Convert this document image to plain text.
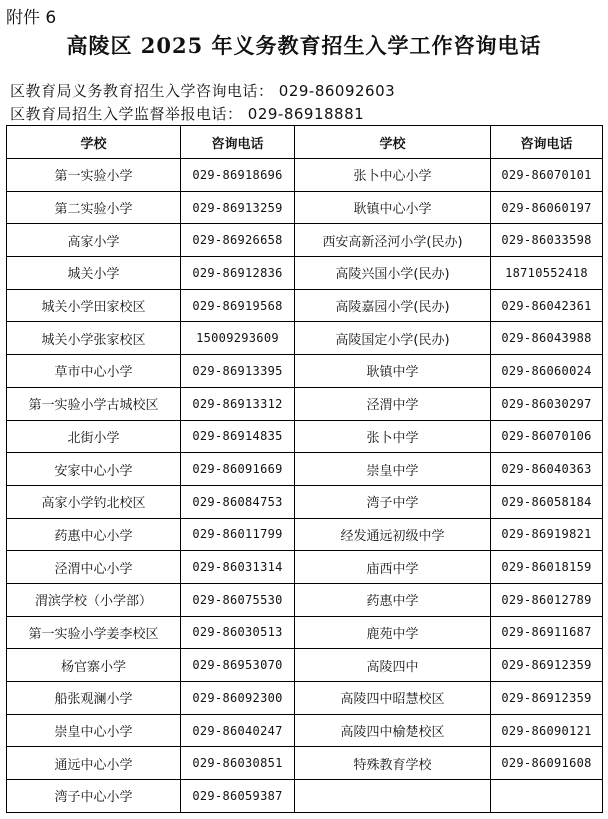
附件 6
高陵区 2025 年义务教育招生入学工作咨询电话
区教育局义务教育招生入学咨询电话： 029-86092603
区教育局招生入学监督举报电话： 029-86918881
学校	咨询电话	学校	咨询电话
第一实验小学	029-86918696	张卜中心小学	029-86070101
第二实验小学	029-86913259	耿镇中心小学	029-86060197
高家小学	029-86926658	西安高新泾河小学(民办)	029-86033598
城关小学	029-86912836	高陵兴国小学(民办)	18710552418
城关小学田家校区	029-86919568	高陵嘉园小学(民办)	029-86042361
城关小学张家校区	15009293609	高陵国定小学(民办)	029-86043988
草市中心小学	029-86913395	耿镇中学	029-86060024
第一实验小学古城校区	029-86913312	泾渭中学	029-86030297
北街小学	029-86914835	张卜中学	029-86070106
安家中心小学	029-86091669	崇皇中学	029-86040363
高家小学钓北校区	029-86084753	湾子中学	029-86058184
药惠中心小学	029-86011799	经发通远初级中学	029-86919821
泾渭中心小学	029-86031314	庙西中学	029-86018159
渭滨学校（小学部）	029-86075530	药惠中学	029-86012789
第一实验小学姜李校区	029-86030513	鹿苑中学	029-86911687
杨官寨小学	029-86953070	高陵四中	029-86912359
船张观澜小学	029-86092300	高陵四中昭慧校区	029-86912359
崇皇中心小学	029-86040247	高陵四中榆楚校区	029-86090121
通远中心小学	029-86030851	特殊教育学校	029-86091608
湾子中心小学	029-86059387		
